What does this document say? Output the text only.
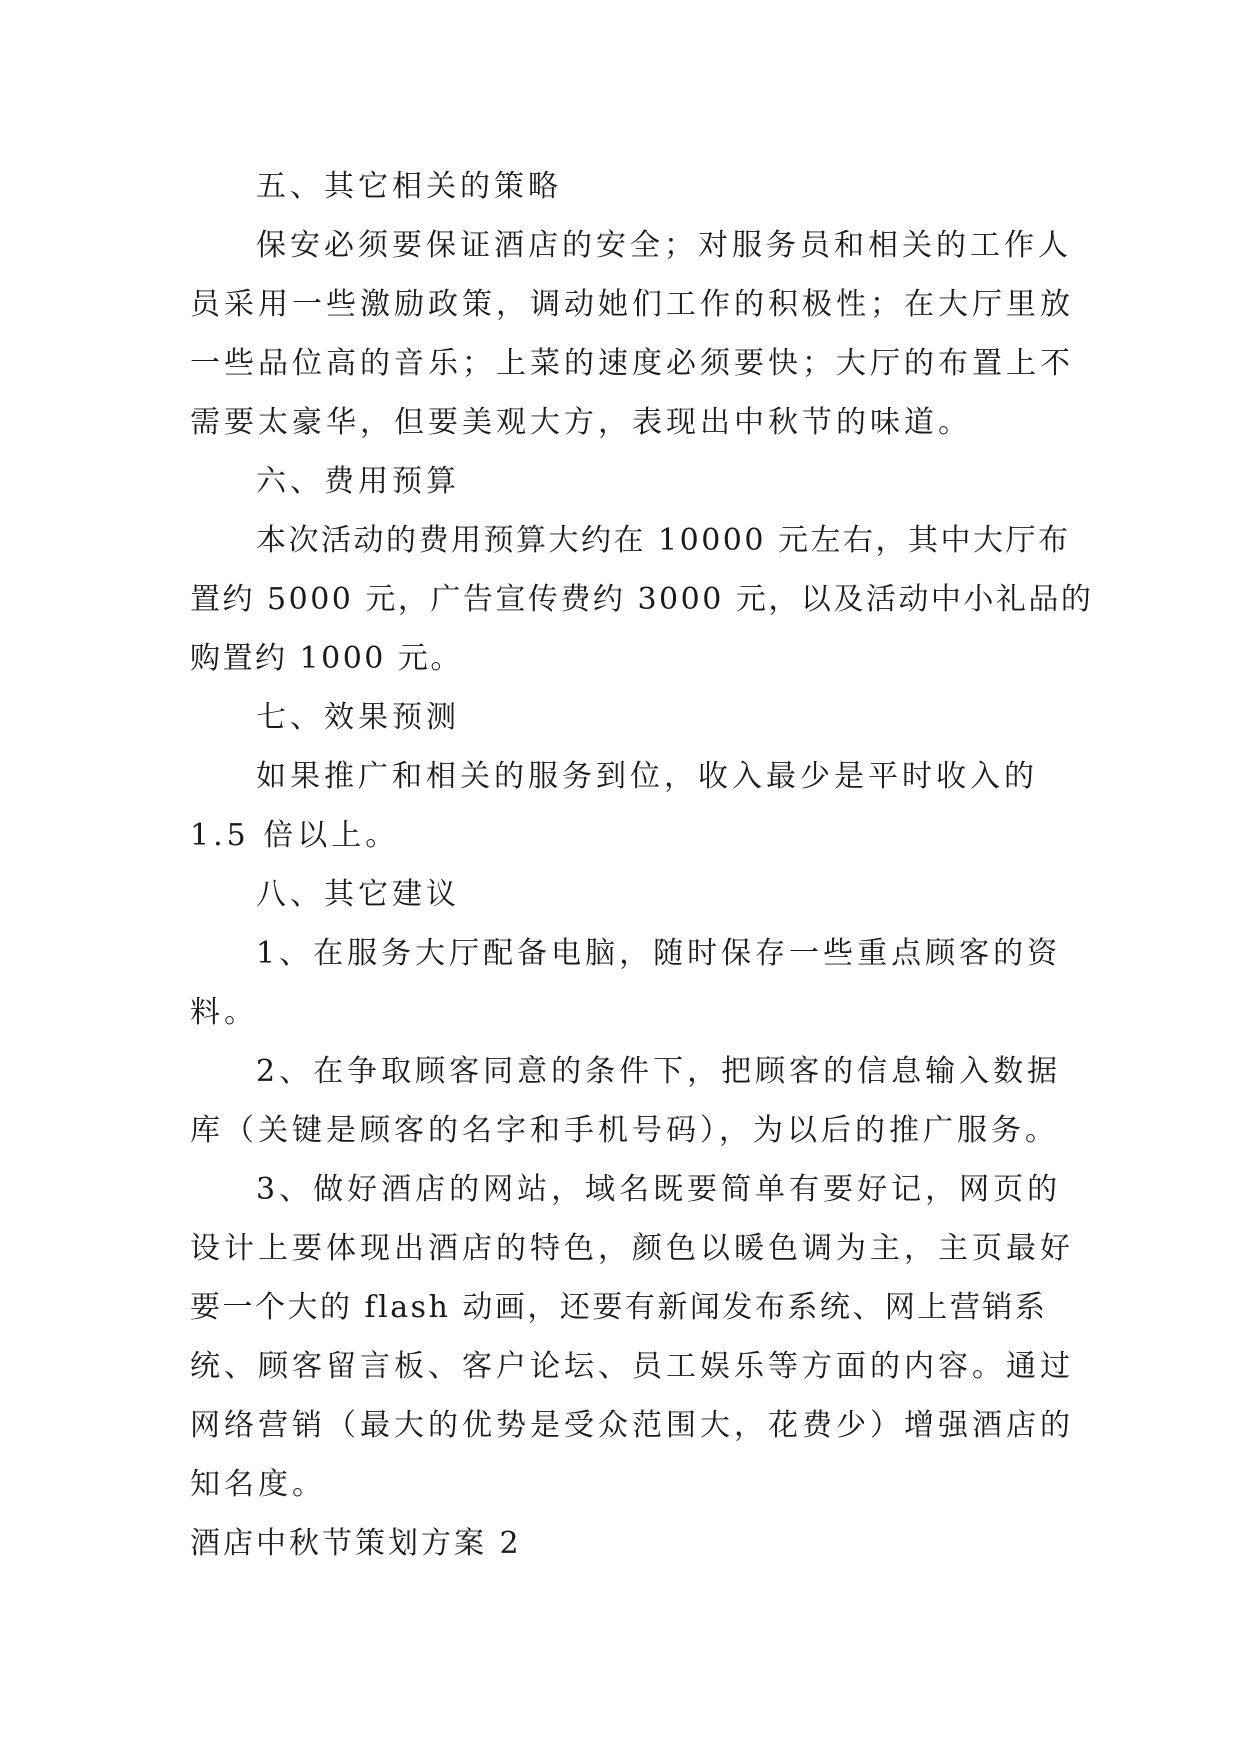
五、其它相关的策略

保安必须要保证酒店的安全；对服务员和相关的工作人

员采用一些激励政策，调动她们工作的积极性；在大厅里放

一些品位高的音乐；上菜的速度必须要快；大厅的布置上不

需要太豪华，但要美观大方，表现出中秋节的味道。

六、费用预算

本次活动的费用预算大约在 10000 元左右，其中大厅布

置约 5000 元，广告宣传费约 3000 元，以及活动中小礼品的

购置约 1000 元。

七、效果预测

如果推广和相关的服务到位，收入最少是平时收入的

1.5 倍以上。

八、其它建议

1、在服务大厅配备电脑，随时保存一些重点顾客的资

料。

2、在争取顾客同意的条件下，把顾客的信息输入数据

库（关键是顾客的名字和手机号码），为以后的推广服务。

3、做好酒店的网站，域名既要简单有要好记，网页的

设计上要体现出酒店的特色，颜色以暖色调为主，主页最好

要一个大的 flash 动画，还要有新闻发布系统、网上营销系

统、顾客留言板、客户论坛、员工娱乐等方面的内容。通过

网络营销（最大的优势是受众范围大，花费少）增强酒店的

知名度。

酒店中秋节策划方案 2
